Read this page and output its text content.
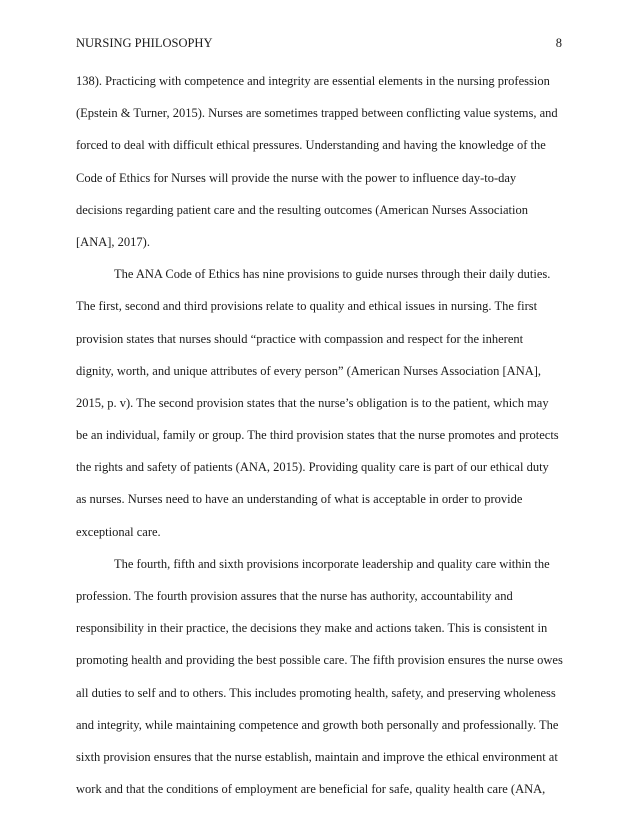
NURSING PHILOSOPHY	8
138). Practicing with competence and integrity are essential elements in the nursing profession
(Epstein & Turner, 2015). Nurses are sometimes trapped between conflicting value systems, and
forced to deal with difficult ethical pressures. Understanding and having the knowledge of the
Code of Ethics for Nurses will provide the nurse with the power to influence day-to-day
decisions regarding patient care and the resulting outcomes (American Nurses Association
[ANA], 2017).
The ANA Code of Ethics has nine provisions to guide nurses through their daily duties.
The first, second and third provisions relate to quality and ethical issues in nursing. The first
provision states that nurses should “practice with compassion and respect for the inherent
dignity, worth, and unique attributes of every person” (American Nurses Association [ANA],
2015, p. v). The second provision states that the nurse’s obligation is to the patient, which may
be an individual, family or group. The third provision states that the nurse promotes and protects
the rights and safety of patients (ANA, 2015). Providing quality care is part of our ethical duty
as nurses. Nurses need to have an understanding of what is acceptable in order to provide
exceptional care.
The fourth, fifth and sixth provisions incorporate leadership and quality care within the
profession. The fourth provision assures that the nurse has authority, accountability and
responsibility in their practice, the decisions they make and actions taken. This is consistent in
promoting health and providing the best possible care. The fifth provision ensures the nurse owes
all duties to self and to others. This includes promoting health, safety, and preserving wholeness
and integrity, while maintaining competence and growth both personally and professionally. The
sixth provision ensures that the nurse establish, maintain and improve the ethical environment at
work and that the conditions of employment are beneficial for safe, quality health care (ANA,
